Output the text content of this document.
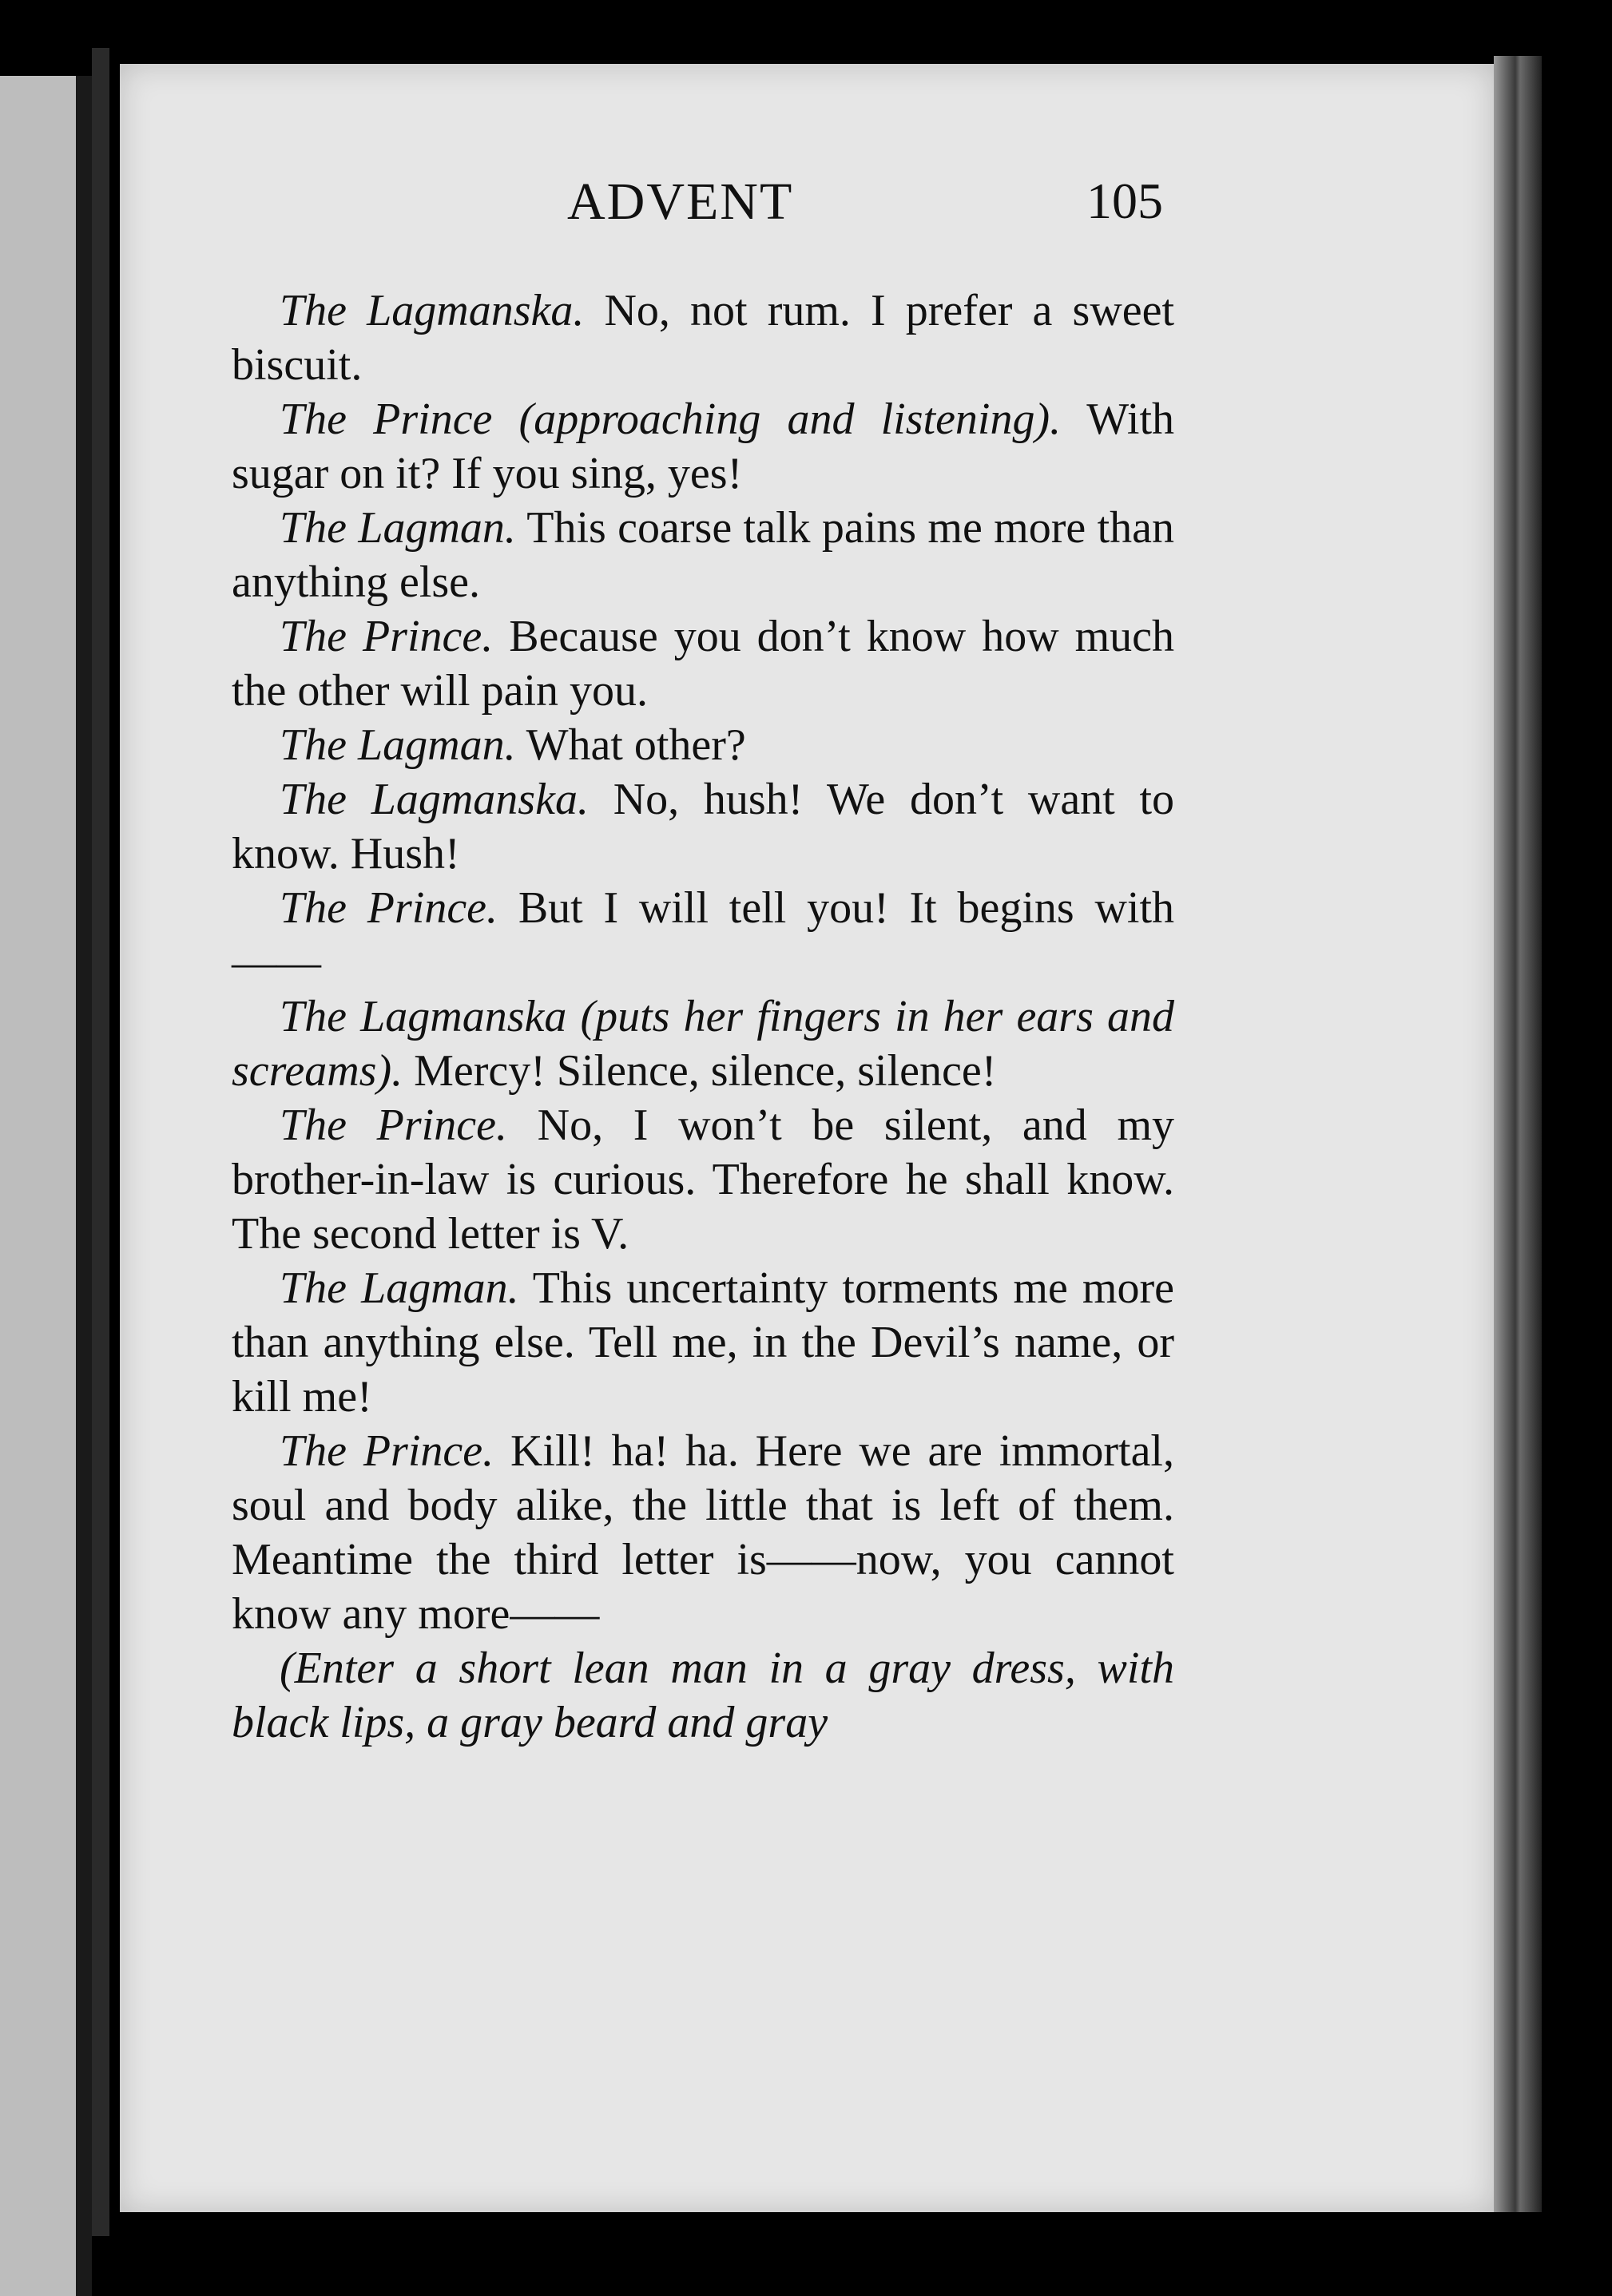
ADVENT	105

The Lagmanska. No, not rum. I prefer a sweet biscuit.

The Prince (approaching and listening). With sugar on it? If you sing, yes!

The Lagman. This coarse talk pains me more than anything else.

The Prince. Because you don’t know how much the other will pain you.

The Lagman. What other?

The Lagmanska. No, hush! We don’t want to know. Hush!

The Prince. But I will tell you! It begins with——

The Lagmanska (puts her fingers in her ears and screams). Mercy! Silence, silence, silence!

The Prince. No, I won’t be silent, and my brother-in-law is curious. Therefore he shall know. The second letter is V.

The Lagman. This uncertainty torments me more than anything else. Tell me, in the Devil’s name, or kill me!

The Prince. Kill! ha! ha. Here we are immortal, soul and body alike, the little that is left of them. Meantime the third letter is——now, you cannot know any more——

(Enter a short lean man in a gray dress, with black lips, a gray beard and gray
